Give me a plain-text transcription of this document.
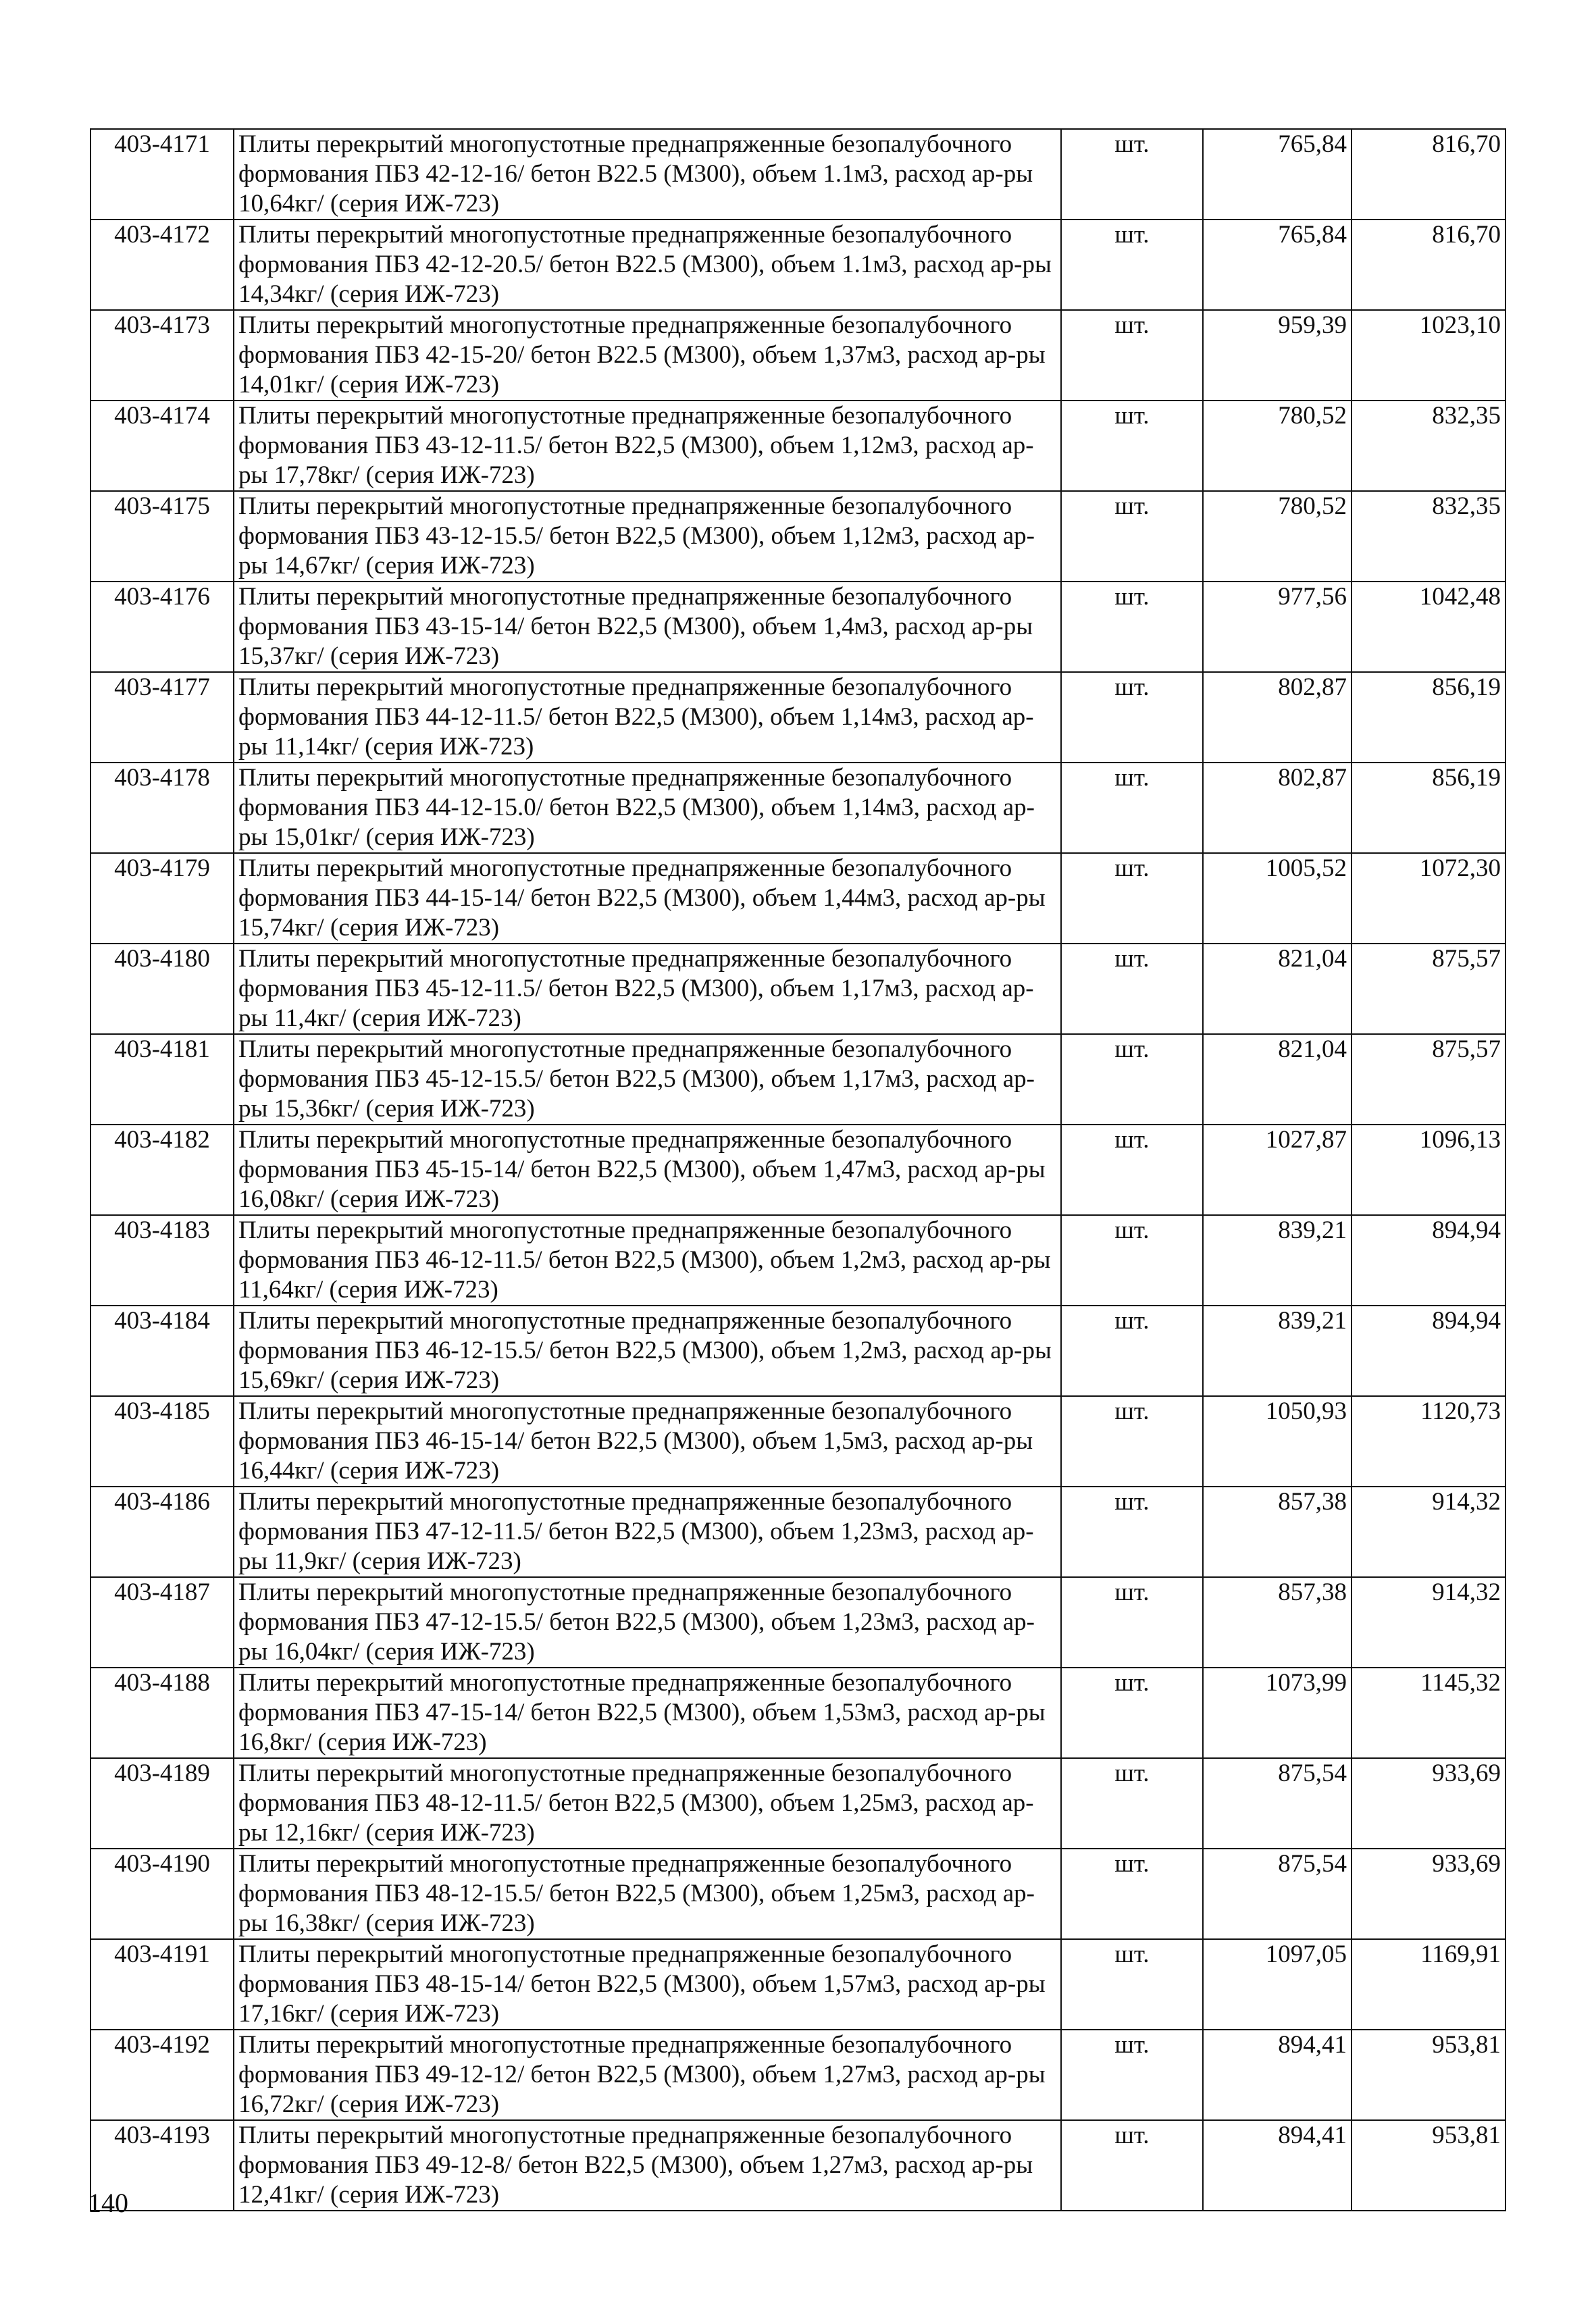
403-4171	Плиты перекрытий многопустотные преднапряженные безопалубочного формования ПБЗ 42-12-16/ бетон B22.5 (М300), объем 1.1м3, расход ар-ры 10,64кг/ (серия ИЖ-723)	шт.	765,84	816,70
403-4172	Плиты перекрытий многопустотные преднапряженные безопалубочного формования ПБЗ 42-12-20.5/ бетон B22.5 (М300), объем 1.1м3, расход ар-ры 14,34кг/ (серия ИЖ-723)	шт.	765,84	816,70
403-4173	Плиты перекрытий многопустотные преднапряженные безопалубочного формования ПБЗ 42-15-20/ бетон B22.5 (М300), объем 1,37м3, расход ар-ры 14,01кг/ (серия ИЖ-723)	шт.	959,39	1023,10
403-4174	Плиты перекрытий многопустотные преднапряженные безопалубочного формования ПБЗ 43-12-11.5/ бетон B22,5 (М300), объем 1,12м3, расход ар-ры 17,78кг/ (серия ИЖ-723)	шт.	780,52	832,35
403-4175	Плиты перекрытий многопустотные преднапряженные безопалубочного формования ПБЗ 43-12-15.5/ бетон B22,5 (М300), объем 1,12м3, расход ар-ры 14,67кг/ (серия ИЖ-723)	шт.	780,52	832,35
403-4176	Плиты перекрытий многопустотные преднапряженные безопалубочного формования ПБЗ 43-15-14/ бетон B22,5 (М300), объем 1,4м3, расход ар-ры 15,37кг/ (серия ИЖ-723)	шт.	977,56	1042,48
403-4177	Плиты перекрытий многопустотные преднапряженные безопалубочного формования ПБЗ 44-12-11.5/ бетон B22,5 (М300), объем 1,14м3, расход ар-ры 11,14кг/ (серия ИЖ-723)	шт.	802,87	856,19
403-4178	Плиты перекрытий многопустотные преднапряженные безопалубочного формования ПБЗ 44-12-15.0/ бетон B22,5 (М300), объем 1,14м3, расход ар-ры 15,01кг/ (серия ИЖ-723)	шт.	802,87	856,19
403-4179	Плиты перекрытий многопустотные преднапряженные безопалубочного формования ПБЗ 44-15-14/ бетон B22,5 (М300), объем 1,44м3, расход ар-ры 15,74кг/ (серия ИЖ-723)	шт.	1005,52	1072,30
403-4180	Плиты перекрытий многопустотные преднапряженные безопалубочного формования ПБЗ 45-12-11.5/ бетон B22,5 (М300), объем 1,17м3, расход ар-ры 11,4кг/ (серия ИЖ-723)	шт.	821,04	875,57
403-4181	Плиты перекрытий многопустотные преднапряженные безопалубочного формования ПБЗ 45-12-15.5/ бетон B22,5 (М300), объем 1,17м3, расход ар-ры 15,36кг/ (серия ИЖ-723)	шт.	821,04	875,57
403-4182	Плиты перекрытий многопустотные преднапряженные безопалубочного формования ПБЗ 45-15-14/ бетон B22,5 (М300), объем 1,47м3, расход ар-ры 16,08кг/ (серия ИЖ-723)	шт.	1027,87	1096,13
403-4183	Плиты перекрытий многопустотные преднапряженные безопалубочного формования ПБЗ 46-12-11.5/ бетон B22,5 (М300), объем 1,2м3, расход ар-ры 11,64кг/ (серия ИЖ-723)	шт.	839,21	894,94
403-4184	Плиты перекрытий многопустотные преднапряженные безопалубочного формования ПБЗ 46-12-15.5/ бетон B22,5 (М300), объем 1,2м3, расход ар-ры 15,69кг/ (серия ИЖ-723)	шт.	839,21	894,94
403-4185	Плиты перекрытий многопустотные преднапряженные безопалубочного формования ПБЗ 46-15-14/ бетон B22,5 (М300), объем 1,5м3, расход ар-ры 16,44кг/ (серия ИЖ-723)	шт.	1050,93	1120,73
403-4186	Плиты перекрытий многопустотные преднапряженные безопалубочного формования ПБЗ 47-12-11.5/ бетон B22,5 (М300), объем 1,23м3, расход ар-ры 11,9кг/ (серия ИЖ-723)	шт.	857,38	914,32
403-4187	Плиты перекрытий многопустотные преднапряженные безопалубочного формования ПБЗ 47-12-15.5/ бетон B22,5 (М300), объем 1,23м3, расход ар-ры 16,04кг/ (серия ИЖ-723)	шт.	857,38	914,32
403-4188	Плиты перекрытий многопустотные преднапряженные безопалубочного формования ПБЗ 47-15-14/ бетон B22,5 (М300), объем 1,53м3, расход ар-ры 16,8кг/ (серия ИЖ-723)	шт.	1073,99	1145,32
403-4189	Плиты перекрытий многопустотные преднапряженные безопалубочного формования ПБЗ 48-12-11.5/ бетон B22,5 (М300), объем 1,25м3, расход ар-ры 12,16кг/ (серия ИЖ-723)	шт.	875,54	933,69
403-4190	Плиты перекрытий многопустотные преднапряженные безопалубочного формования ПБЗ 48-12-15.5/ бетон B22,5 (М300), объем 1,25м3, расход ар-ры 16,38кг/ (серия ИЖ-723)	шт.	875,54	933,69
403-4191	Плиты перекрытий многопустотные преднапряженные безопалубочного формования ПБЗ 48-15-14/ бетон B22,5 (М300), объем 1,57м3, расход ар-ры 17,16кг/ (серия ИЖ-723)	шт.	1097,05	1169,91
403-4192	Плиты перекрытий многопустотные преднапряженные безопалубочного формования ПБЗ 49-12-12/ бетон B22,5 (М300), объем 1,27м3, расход ар-ры 16,72кг/ (серия ИЖ-723)	шт.	894,41	953,81
403-4193	Плиты перекрытий многопустотные преднапряженные безопалубочного формования ПБЗ 49-12-8/ бетон B22,5 (М300), объем 1,27м3, расход ар-ры 12,41кг/ (серия ИЖ-723)	шт.	894,41	953,81
140
